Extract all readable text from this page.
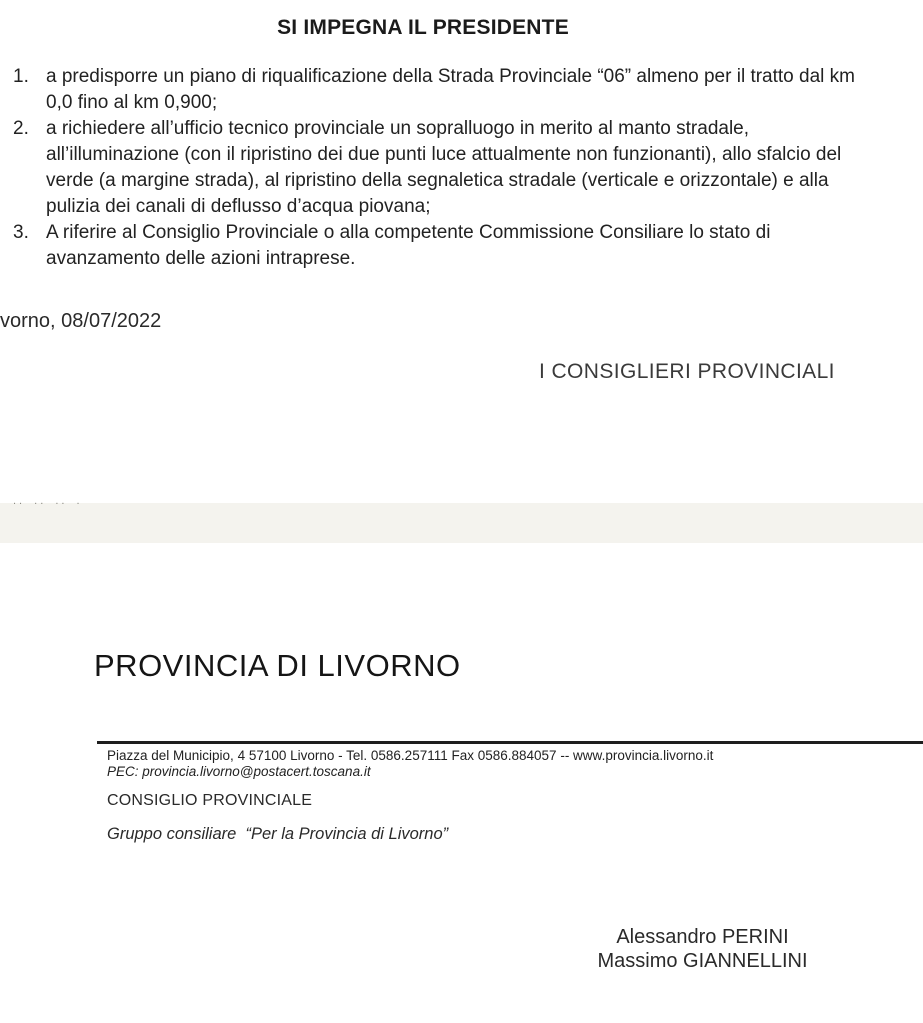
SI IMPEGNA IL PRESIDENTE
1. a predisporre un piano di riqualificazione della Strada Provinciale “06” almeno per il tratto dal km 0,0 fino al km 0,900;
2. a richiedere all’ufficio tecnico provinciale un sopralluogo in merito al manto stradale, all’illuminazione (con il ripristino dei due punti luce attualmente non funzionanti), allo sfalcio del verde (a margine strada), al ripristino della segnaletica stradale (verticale e orizzontale) e alla pulizia dei canali di deflusso d’acqua piovana;
3. A riferire al Consiglio Provinciale o alla competente Commissione Consiliare lo stato di avanzamento delle azioni intraprese.
vorno, 08/07/2022
I CONSIGLIERI PROVINCIALI
.. .. .. .
PROVINCIA DI LIVORNO
Piazza del Municipio, 4 57100 Livorno - Tel. 0586.257111 Fax 0586.884057 -- www.provincia.livorno.it
PEC: provincia.livorno@postacert.toscana.it
CONSIGLIO PROVINCIALE
Gruppo consiliare  “Per la Provincia di Livorno”
Alessandro PERINI
Massimo GIANNELLINI
